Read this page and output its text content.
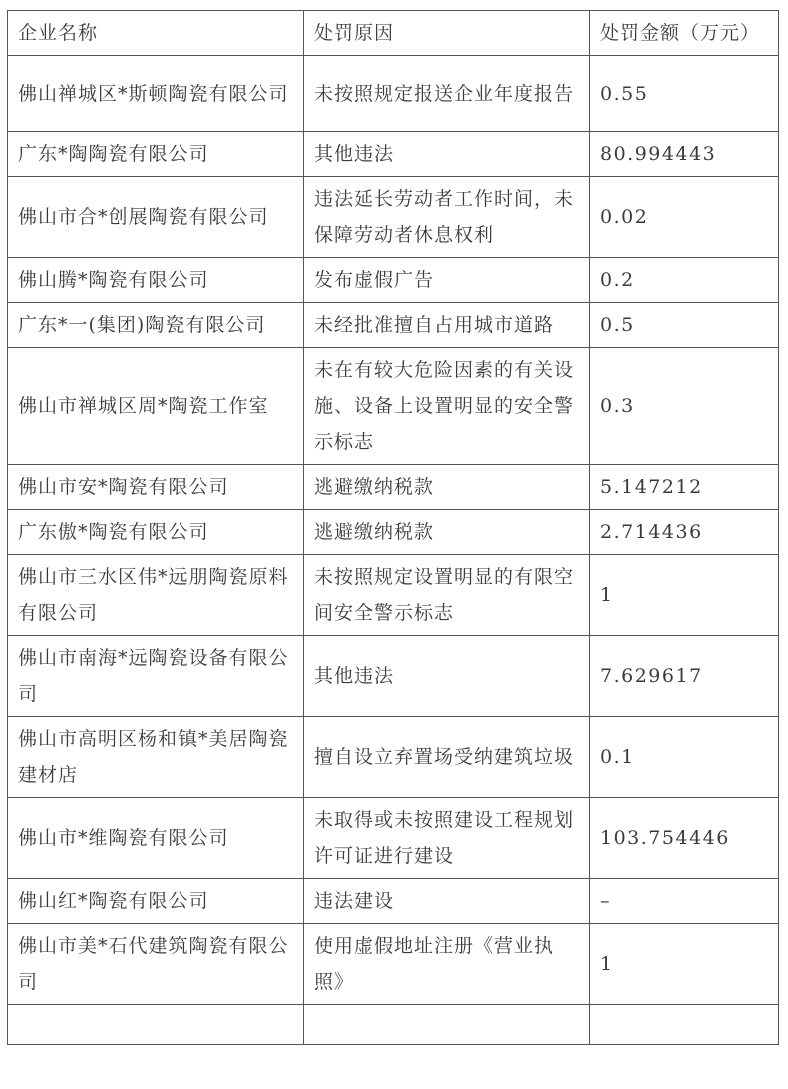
企业名称	处罚原因	处罚金额（万元）
佛山禅城区*斯顿陶瓷有限公司	未按照规定报送企业年度报告	0.55
广东*陶陶瓷有限公司	其他违法	80.994443
佛山市合*创展陶瓷有限公司	违法延长劳动者工作时间，未保障劳动者休息权利	0.02
佛山腾*陶瓷有限公司	发布虚假广告	0.2
广东*一(集团)陶瓷有限公司	未经批准擅自占用城市道路	0.5
佛山市禅城区周*陶瓷工作室	未在有较大危险因素的有关设施、设备上设置明显的安全警示标志	0.3
佛山市安*陶瓷有限公司	逃避缴纳税款	5.147212
广东傲*陶瓷有限公司	逃避缴纳税款	2.714436
佛山市三水区伟*远朋陶瓷原料有限公司	未按照规定设置明显的有限空间安全警示标志	1
佛山市南海*远陶瓷设备有限公司	其他违法	7.629617
佛山市高明区杨和镇*美居陶瓷建材店	擅自设立弃置场受纳建筑垃圾	0.1
佛山市*维陶瓷有限公司	未取得或未按照建设工程规划许可证进行建设	103.754446
佛山红*陶瓷有限公司	违法建设	–
佛山市美*石代建筑陶瓷有限公司	使用虚假地址注册《营业执照》	1
